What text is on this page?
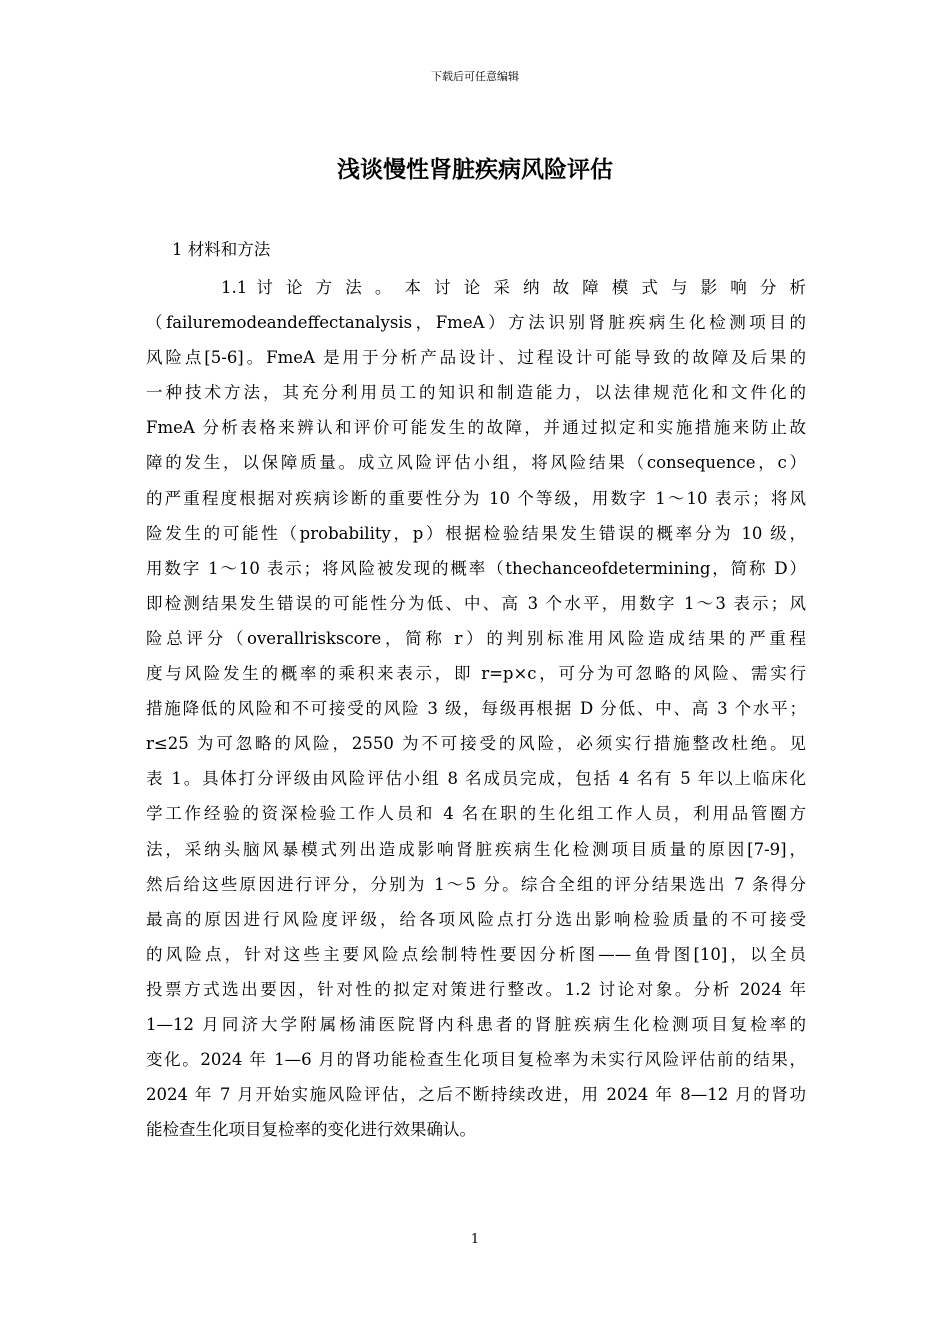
下载后可任意编辑
浅谈慢性肾脏疾病风险评估
1 材料和方法
1.1 讨 论 方 法 。 本 讨 论 采 纳 故 障 模 式 与 影 响 分 析
（failuremodeandeffectanalysis，FmeA）方法识别肾脏疾病生化检测项目的
风险点[5-6]。FmeA 是用于分析产品设计、过程设计可能导致的故障及后果的
一种技术方法，其充分利用员工的知识和制造能力，以法律规范化和文件化的
FmeA 分析表格来辨认和评价可能发生的故障，并通过拟定和实施措施来防止故
障的发生，以保障质量。成立风险评估小组，将风险结果（consequence，c）
的严重程度根据对疾病诊断的重要性分为 10 个等级，用数字 1～10 表示；将风
险发生的可能性（probability，p）根据检验结果发生错误的概率分为 10 级，
用数字 1～10 表示；将风险被发现的概率（thechanceofdetermining，简称 D）
即检测结果发生错误的可能性分为低、中、高 3 个水平，用数字 1～3 表示；风
险总评分（overallriskscore，简称 r）的判别标准用风险造成结果的严重程
度与风险发生的概率的乘积来表示，即 r=p×c，可分为可忽略的风险、需实行
措施降低的风险和不可接受的风险 3 级，每级再根据 D 分低、中、高 3 个水平；
r≤25 为可忽略的风险，2550 为不可接受的风险，必须实行措施整改杜绝。见
表 1。具体打分评级由风险评估小组 8 名成员完成，包括 4 名有 5 年以上临床化
学工作经验的资深检验工作人员和 4 名在职的生化组工作人员，利用品管圈方
法，采纳头脑风暴模式列出造成影响肾脏疾病生化检测项目质量的原因[7-9]，
然后给这些原因进行评分，分别为 1～5 分。综合全组的评分结果选出 7 条得分
最高的原因进行风险度评级，给各项风险点打分选出影响检验质量的不可接受
的风险点，针对这些主要风险点绘制特性要因分析图——鱼骨图[10]，以全员
投票方式选出要因，针对性的拟定对策进行整改。1.2 讨论对象。分析 2024 年
1—12 月同济大学附属杨浦医院肾内科患者的肾脏疾病生化检测项目复检率的
变化。2024 年 1—6 月的肾功能检查生化项目复检率为未实行风险评估前的结果，
2024 年 7 月开始实施风险评估，之后不断持续改进，用 2024 年 8—12 月的肾功
能检查生化项目复检率的变化进行效果确认。
1
